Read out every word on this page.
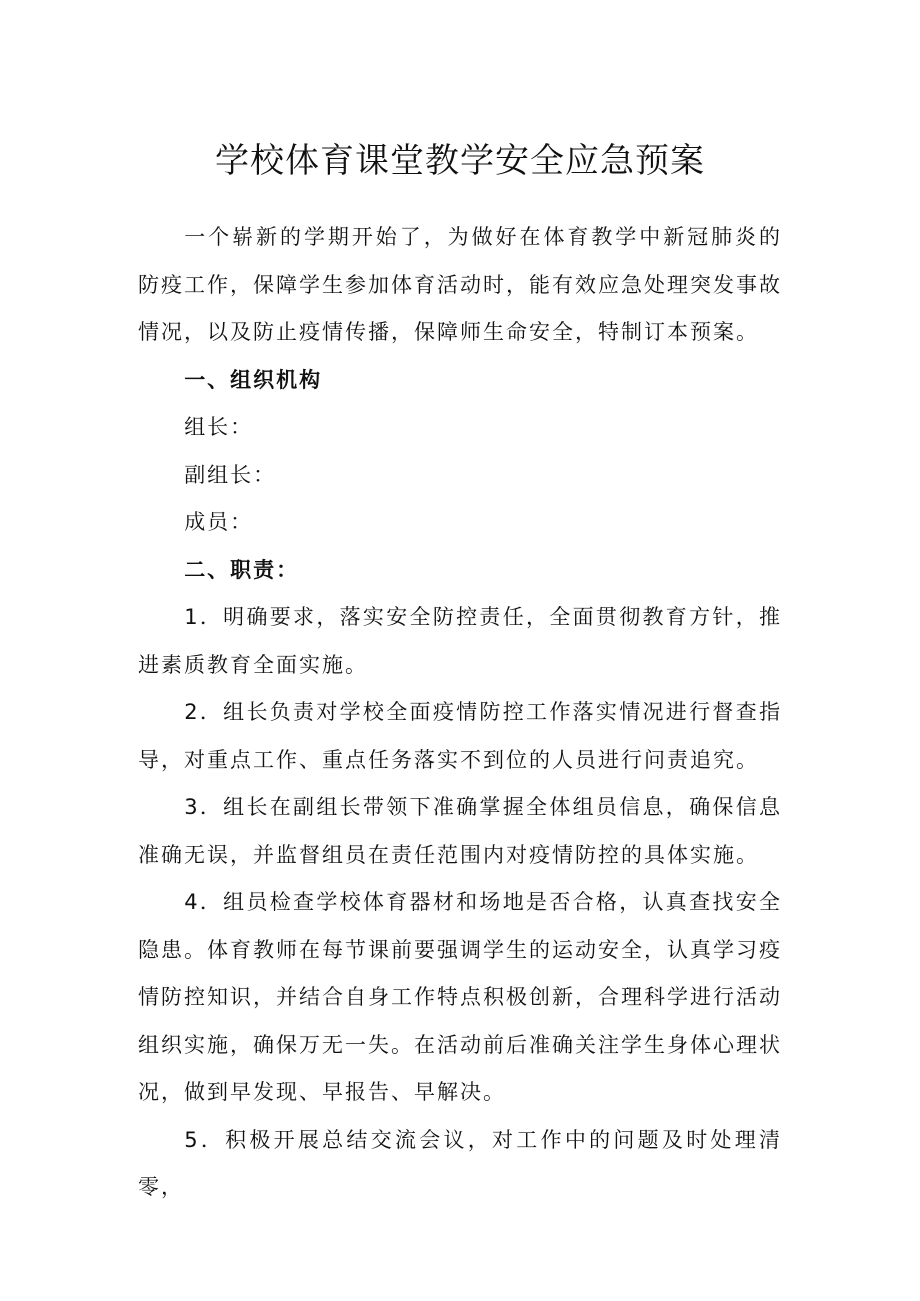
学校体育课堂教学安全应急预案

一个崭新的学期开始了，为做好在体育教学中新冠肺炎的防疫工作，保障学生参加体育活动时，能有效应急处理突发事故情况，以及防止疫情传播，保障师生命安全，特制订本预案。

一、组织机构

组长：

副组长：

成员：

二、职责：

1．明确要求，落实安全防控责任，全面贯彻教育方针，推进素质教育全面实施。

2．组长负责对学校全面疫情防控工作落实情况进行督查指导，对重点工作、重点任务落实不到位的人员进行问责追究。

3．组长在副组长带领下准确掌握全体组员信息，确保信息准确无误，并监督组员在责任范围内对疫情防控的具体实施。

4．组员检查学校体育器材和场地是否合格，认真查找安全隐患。体育教师在每节课前要强调学生的运动安全，认真学习疫情防控知识，并结合自身工作特点积极创新，合理科学进行活动组织实施，确保万无一失。在活动前后准确关注学生身体心理状况，做到早发现、早报告、早解决。

5．积极开展总结交流会议，对工作中的问题及时处理清零，
